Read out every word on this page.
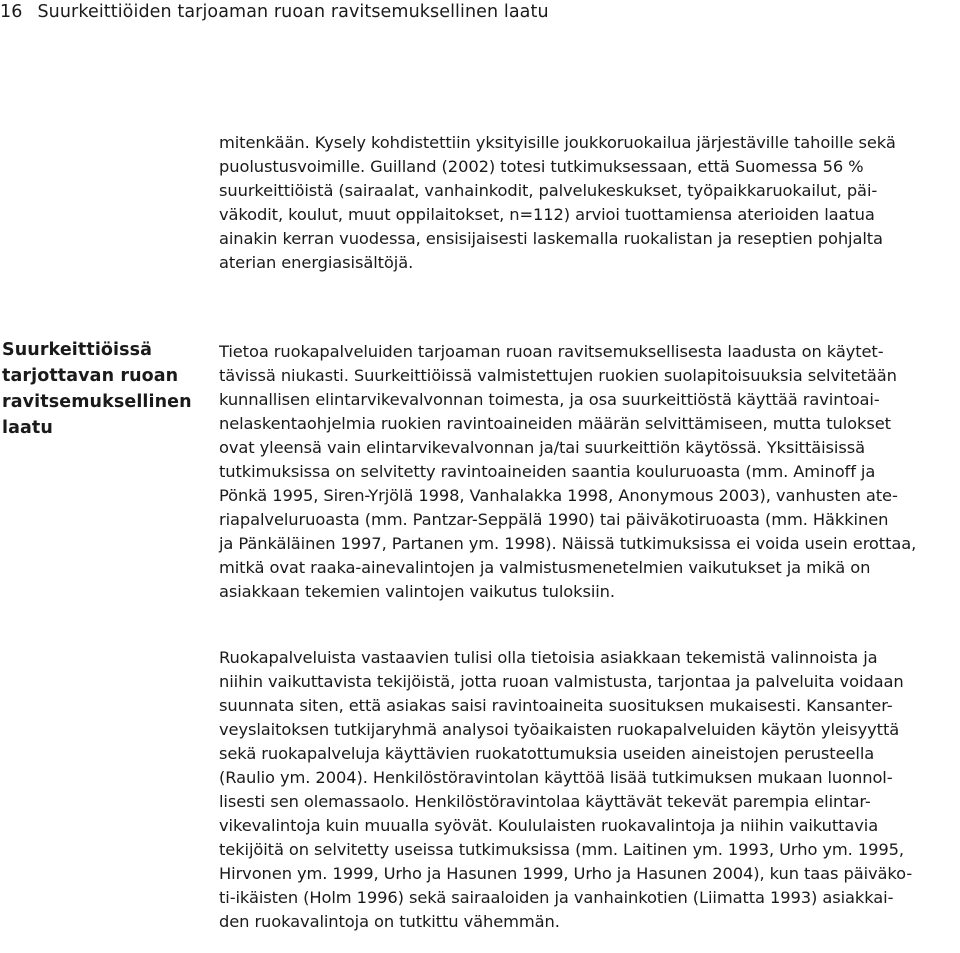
16 Suurkeittiöiden tarjoaman ruoan ravitsemuksellinen laatu
mitenkään. Kysely kohdistettiin yksityisille joukkoruokailua järjestäville tahoille sekä
puolustusvoimille. Guilland (2002) totesi tutkimuksessaan, että Suomessa 56 %
suurkeittiöistä (sairaalat, vanhainkodit, palvelukeskukset, työpaikkaruokailut, päi-
väkodit, koulut, muut oppilaitokset, n=112) arvioi tuottamiensa aterioiden laatua
ainakin kerran vuodessa, ensisijaisesti laskemalla ruokalistan ja reseptien pohjalta
aterian energiasisältöjä.
Suurkeittiöissä
tarjottavan ruoan
ravitsemuksellinen
laatu
Tietoa ruokapalveluiden tarjoaman ruoan ravitsemuksellisesta laadusta on käytet-
tävissä niukasti. Suurkeittiöissä valmistettujen ruokien suolapitoisuuksia selvitetään
kunnallisen elintarvikevalvonnan toimesta, ja osa suurkeittiöstä käyttää ravintoai-
nelaskentaohjelmia ruokien ravintoaineiden määrän selvittämiseen, mutta tulokset
ovat yleensä vain elintarvikevalvonnan ja/tai suurkeittiön käytössä. Yksittäisissä
tutkimuksissa on selvitetty ravintoaineiden saantia kouluruoasta (mm. Aminoff ja
Pönkä 1995, Siren-Yrjölä 1998, Vanhalakka 1998, Anonymous 2003), vanhusten ate-
riapalveluruoasta (mm. Pantzar-Seppälä 1990) tai päiväkotiruoasta (mm. Häkkinen
ja Pänkäläinen 1997, Partanen ym. 1998). Näissä tutkimuksissa ei voida usein erottaa,
mitkä ovat raaka-ainevalintojen ja valmistusmenetelmien vaikutukset ja mikä on
asiakkaan tekemien valintojen vaikutus tuloksiin.
Ruokapalveluista vastaavien tulisi olla tietoisia asiakkaan tekemistä valinnoista ja
niihin vaikuttavista tekijöistä, jotta ruoan valmistusta, tarjontaa ja palveluita voidaan
suunnata siten, että asiakas saisi ravintoaineita suosituksen mukaisesti. Kansanter-
veyslaitoksen tutkijaryhmä analysoi työaikaisten ruokapalveluiden käytön yleisyyttä
sekä ruokapalveluja käyttävien ruokatottumuksia useiden aineistojen perusteella
(Raulio ym. 2004). Henkilöstöravintolan käyttöä lisää tutkimuksen mukaan luonnol-
lisesti sen olemassaolo. Henkilöstöravintolaa käyttävät tekevät parempia elintar-
vikevalintoja kuin muualla syövät. Koululaisten ruokavalintoja ja niihin vaikuttavia
tekijöitä on selvitetty useissa tutkimuksissa (mm. Laitinen ym. 1993, Urho ym. 1995,
Hirvonen ym. 1999, Urho ja Hasunen 1999, Urho ja Hasunen 2004), kun taas päiväko-
ti-ikäisten (Holm 1996) sekä sairaaloiden ja vanhainkotien (Liimatta 1993) asiakkai-
den ruokavalintoja on tutkittu vähemmän.
